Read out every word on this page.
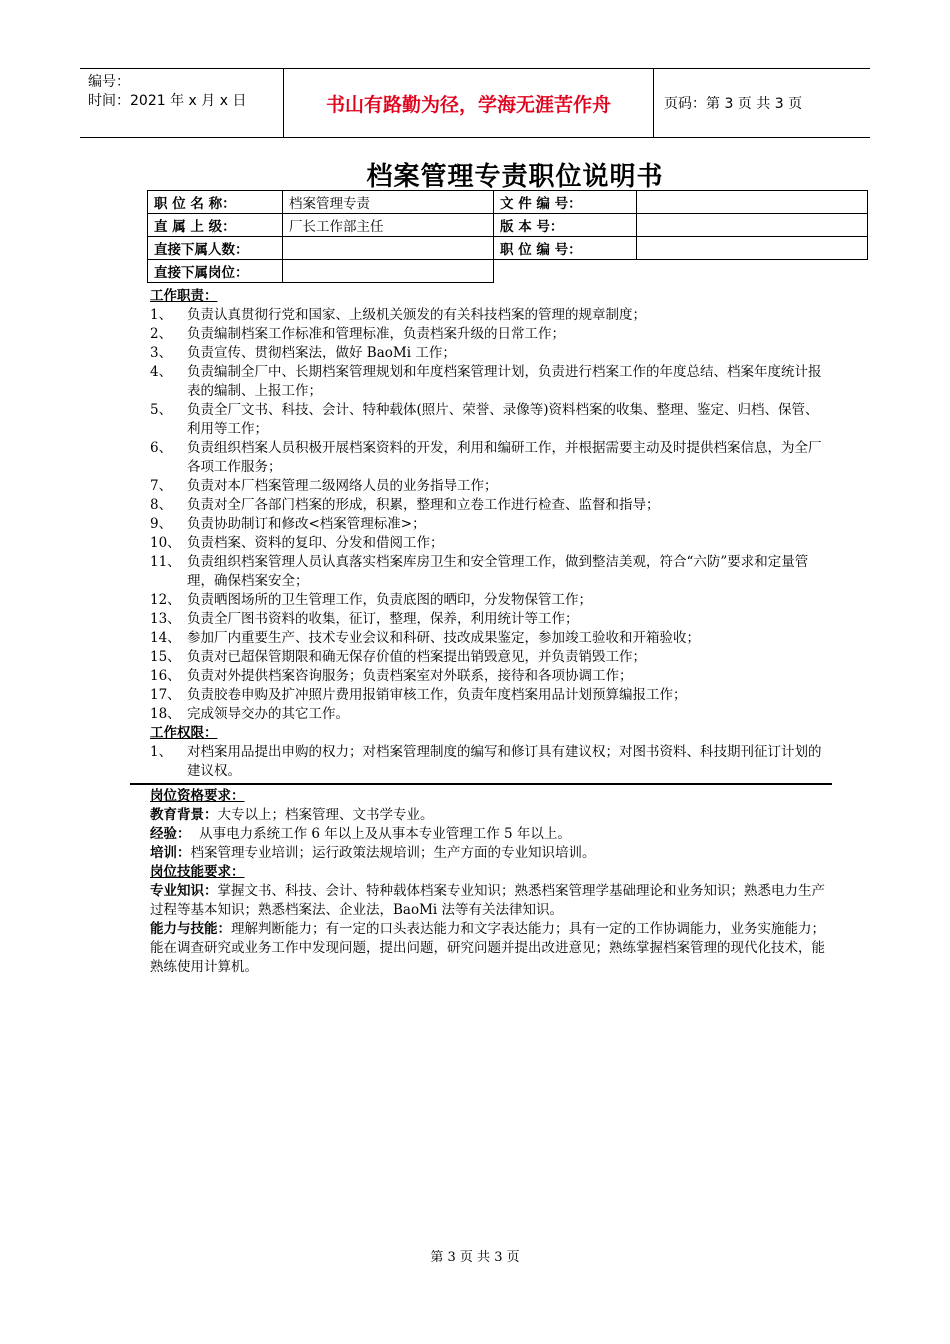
编号：
时间：2021 年 x 月 x 日	书山有路勤为径，学海无涯苦作舟	页码：第 3 页 共 3 页
档案管理专责职位说明书
职 位 名 称：	档案管理专责	文 件 编 号：	
直 属 上 级：	厂长工作部主任	版 本 号：	
直接下属人数：		职 位 编 号：	
直接下属岗位：			
工作职责：
1、	负责认真贯彻行党和国家、上级机关颁发的有关科技档案的管理的规章制度；
2、	负责编制档案工作标准和管理标准，负责档案升级的日常工作；
3、	负责宣传、贯彻档案法，做好 BaoMi 工作；
4、	负责编制全厂中、长期档案管理规划和年度档案管理计划，负责进行档案工作的年度总结、档案年度统计报表的编制、上报工作；
5、	负责全厂文书、科技、会计、特种载体(照片、荣誉、录像等)资料档案的收集、整理、鉴定、归档、保管、利用等工作；
6、	负责组织档案人员积极开展档案资料的开发，利用和编研工作，并根据需要主动及时提供档案信息，为全厂各项工作服务；
7、	负责对本厂档案管理二级网络人员的业务指导工作；
8、	负责对全厂各部门档案的形成，积累，整理和立卷工作进行检查、监督和指导；
9、	负责协助制订和修改<档案管理标准>；
10、 负责档案、资料的复印、分发和借阅工作；
11、 负责组织档案管理人员认真落实档案库房卫生和安全管理工作，做到整洁美观，符合“六防”要求和定量管理，确保档案安全；
12、 负责晒图场所的卫生管理工作，负责底图的晒印，分发物保管工作；
13、 负责全厂图书资料的收集，征订，整理，保养，利用统计等工作；
14、 参加厂内重要生产、技术专业会议和科研、技改成果鉴定，参加竣工验收和开箱验收；
15、 负责对已超保管期限和确无保存价值的档案提出销毁意见，并负责销毁工作；
16、 负责对外提供档案咨询服务；负责档案室对外联系，接待和各项协调工作；
17、 负责胶卷申购及扩冲照片费用报销审核工作，负责年度档案用品计划预算编报工作；
18、 完成领导交办的其它工作。
工作权限：
1、	对档案用品提出申购的权力；对档案管理制度的编写和修订具有建议权；对图书资料、科技期刊征订计划的建议权。
岗位资格要求：
教育背景：大专以上；档案管理、文书学专业。
经验： 从事电力系统工作 6 年以上及从事本专业管理工作 5 年以上。
培训：档案管理专业培训；运行政策法规培训；生产方面的专业知识培训。
岗位技能要求：
专业知识：掌握文书、科技、会计、特种载体档案专业知识；熟悉档案管理学基础理论和业务知识；熟悉电力生产过程等基本知识；熟悉档案法、企业法，BaoMi 法等有关法律知识。
能力与技能：理解判断能力；有一定的口头表达能力和文字表达能力；具有一定的工作协调能力，业务实施能力；能在调查研究或业务工作中发现问题，提出问题，研究问题并提出改进意见；熟练掌握档案管理的现代化技术，能熟练使用计算机。
第 3 页 共 3 页
